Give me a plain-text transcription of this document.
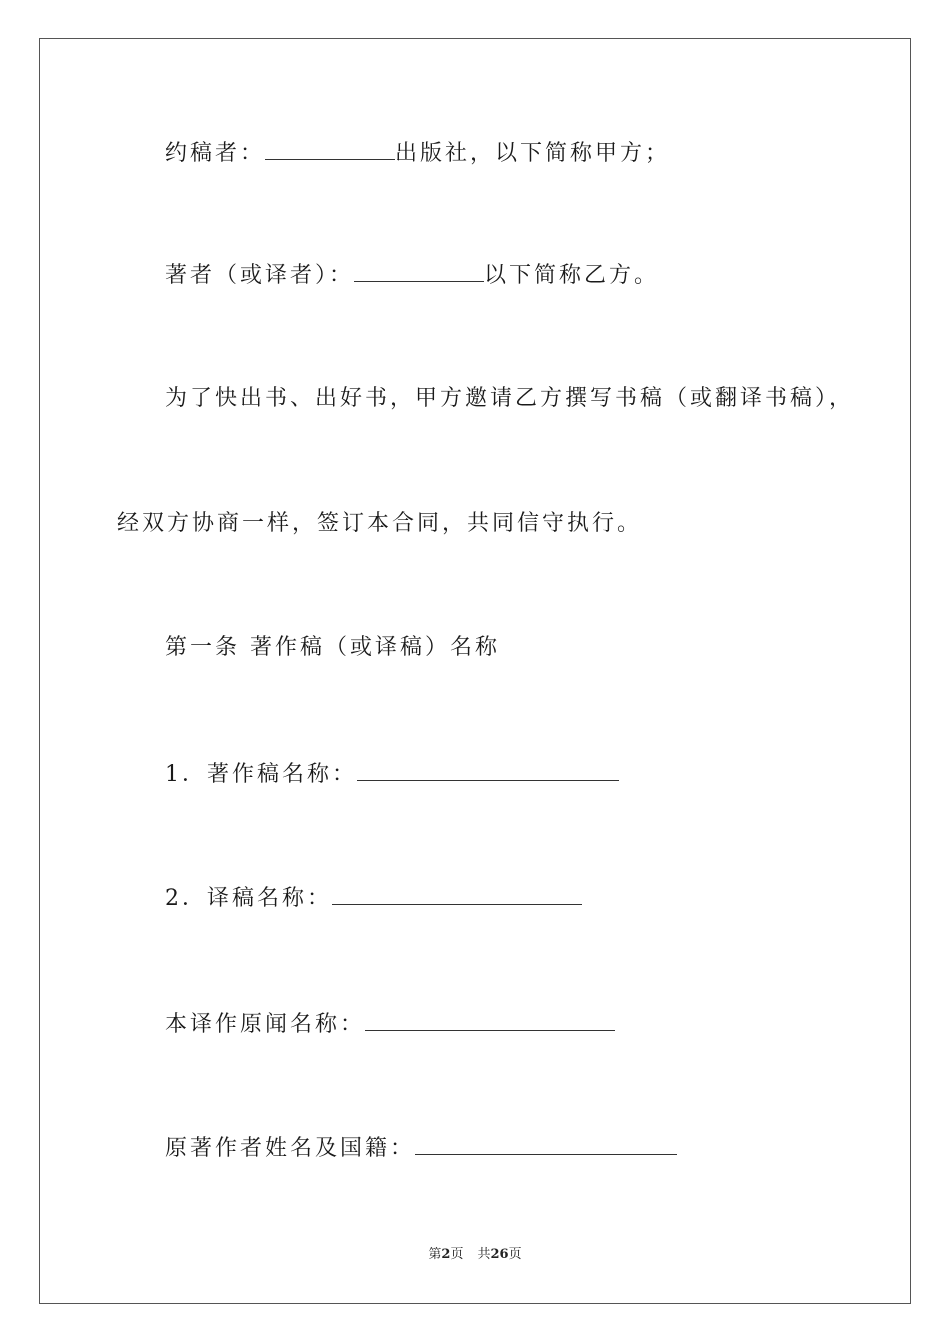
约稿者：	出版社，以下简称甲方；
著者（或译者）：	以下简称乙方。
为了快出书、出好书，甲方邀请乙方撰写书稿（或翻译书稿），
经双方协商一样，签订本合同，共同信守执行。
第一条 著作稿（或译稿）名称
1．著作稿名称：
2．译稿名称：
本译作原闻名称：
原著作者姓名及国籍：
第2页 共26页
